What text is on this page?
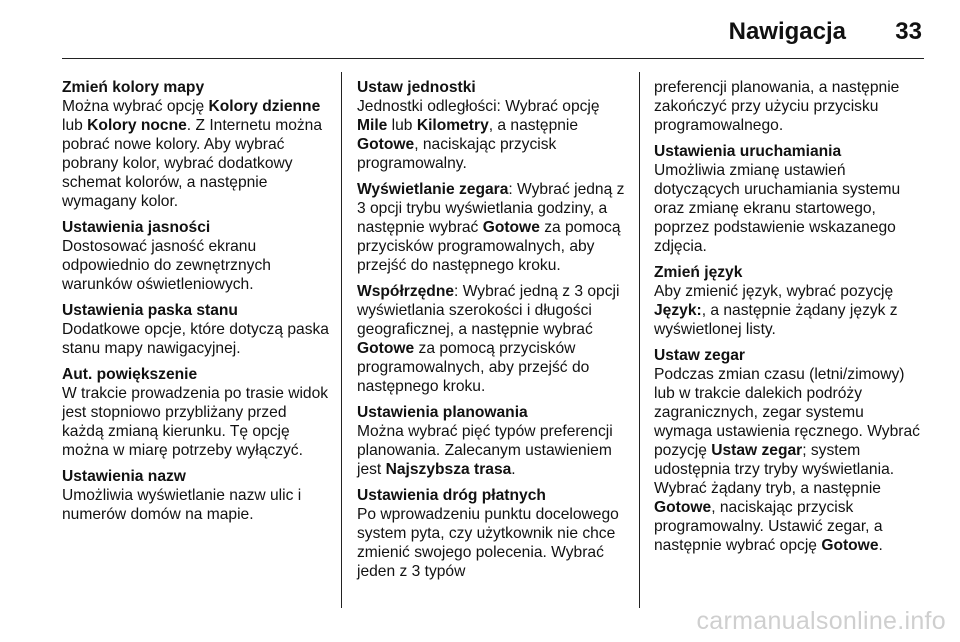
Nawigacja 33
Zmień kolory mapy
Można wybrać opcję Kolory dzienne lub Kolory nocne. Z Internetu można pobrać nowe kolory. Aby wybrać pobrany kolor, wybrać dodatkowy schemat kolorów, a następnie wymagany kolor.
Ustawienia jasności
Dostosować jasność ekranu odpowiednio do zewnętrznych warunków oświetleniowych.
Ustawienia paska stanu
Dodatkowe opcje, które dotyczą paska stanu mapy nawigacyjnej.
Aut. powiększenie
W trakcie prowadzenia po trasie widok jest stopniowo przybliżany przed każdą zmianą kierunku. Tę opcję można w miarę potrzeby wyłączyć.
Ustawienia nazw
Umożliwia wyświetlanie nazw ulic i numerów domów na mapie.
Ustaw jednostki
Jednostki odległości: Wybrać opcję Mile lub Kilometry, a następnie Gotowe, naciskając przycisk programowalny.

Wyświetlanie zegara: Wybrać jedną z 3 opcji trybu wyświetlania godziny, a następnie wybrać Gotowe za pomocą przycisków programowalnych, aby przejść do następnego kroku.

Współrzędne: Wybrać jedną z 3 opcji wyświetlania szerokości i długości geograficznej, a następnie wybrać Gotowe za pomocą przycisków programowalnych, aby przejść do następnego kroku.

Ustawienia planowania
Można wybrać pięć typów preferencji planowania. Zalecanym ustawieniem jest Najszybsza trasa.
Ustawienia dróg płatnych
Po wprowadzeniu punktu docelowego system pyta, czy użytkownik nie chce zmienić swojego polecenia. Wybrać jeden z 3 typów

preferencji planowania, a następnie zakończyć przy użyciu przycisku programowalnego.

Ustawienia uruchamiania
Umożliwia zmianę ustawień dotyczących uruchamiania systemu oraz zmianę ekranu startowego, poprzez podstawienie wskazanego zdjęcia.
Zmień język
Aby zmienić język, wybrać pozycję Język:, a następnie żądany język z wyświetlonej listy.
Ustaw zegar
Podczas zmian czasu (letni/zimowy) lub w trakcie dalekich podróży zagranicznych, zegar systemu wymaga ustawienia ręcznego. Wybrać pozycję Ustaw zegar; system udostępnia trzy tryby wyświetlania. Wybrać żądany tryb, a następnie Gotowe, naciskając przycisk programowalny. Ustawić zegar, a następnie wybrać opcję Gotowe.
carmanualsonline.info
